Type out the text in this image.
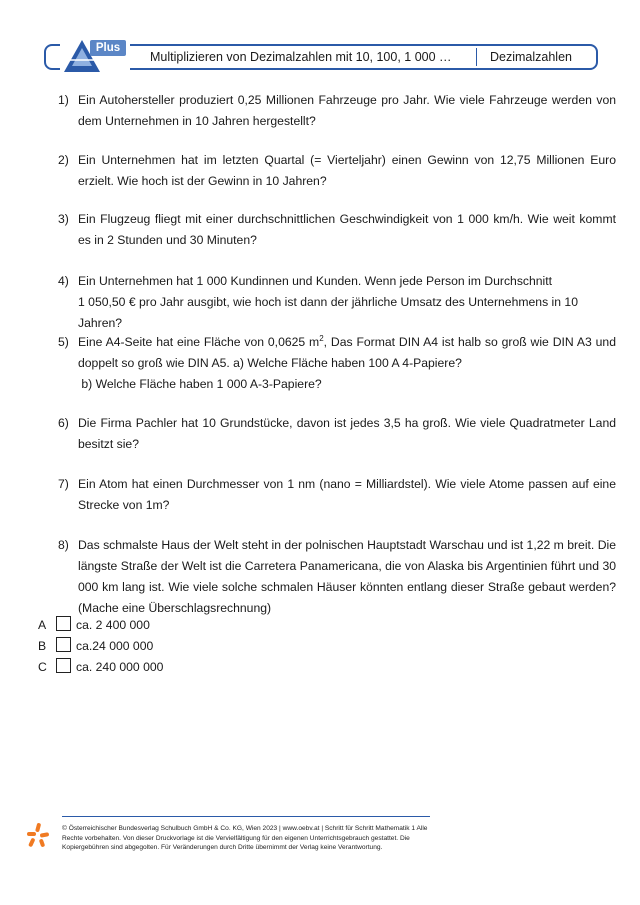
Multiplizieren von Dezimalzahlen mit 10, 100, 1 000 …	Dezimalzahlen
Plus
1) Ein Autohersteller produziert 0,25 Millionen Fahrzeuge pro Jahr. Wie viele Fahrzeuge werden von dem Unternehmen in 10 Jahren hergestellt?
2) Ein Unternehmen hat im letzten Quartal (= Vierteljahr) einen Gewinn von 12,75 Millionen Euro erzielt. Wie hoch ist der Gewinn in 10 Jahren?
3) Ein Flugzeug fliegt mit einer durchschnittlichen Geschwindigkeit von 1 000 km/h. Wie weit kommt es in 2 Stunden und 30 Minuten?
4) Ein Unternehmen hat 1 000 Kundinnen und Kunden. Wenn jede Person im Durchschnitt
1 050,50 € pro Jahr ausgibt, wie hoch ist dann der jährliche Umsatz des Unternehmens in 10 Jahren?
5) Eine A4-Seite hat eine Fläche von 0,0625 $m^2$, Das Format DIN A4 ist halb so groß wie DIN A3 und doppelt so groß wie DIN A5. a) Welche Fläche haben 100 A 4-Papiere?
b) Welche Fläche haben 1 000 A-3-Papiere?
6) Die Firma Pachler hat 10 Grundstücke, davon ist jedes 3,5 ha groß. Wie viele Quadratmeter Land besitzt sie?
7) Ein Atom hat einen Durchmesser von 1 nm (nano = Milliardstel). Wie viele Atome passen auf eine Strecke von 1m?
8) Das schmalste Haus der Welt steht in der polnischen Hauptstadt Warschau und ist 1,22 m breit. Die längste Straße der Welt ist die Carretera Panamericana, die von Alaska bis Argentinien führt und 30 000 km lang ist. Wie viele solche schmalen Häuser könnten entlang dieser Straße gebaut werden? (Mache eine Überschlagsrechnung)
A	ca. 2 400 000
B	ca.24 000 000
C	ca. 240 000 000
© Österreichischer Bundesverlag Schulbuch GmbH & Co. KG, Wien 2023 | www.oebv.at | Schritt für Schritt Mathematik 1 Alle Rechte vorbehalten. Von dieser Druckvorlage ist die Vervielfältigung für den eigenen Unterrichtsgebrauch gestattet. Die Kopiergebühren sind abgegolten. Für Veränderungen durch Dritte übernimmt der Verlag keine Verantwortung.
